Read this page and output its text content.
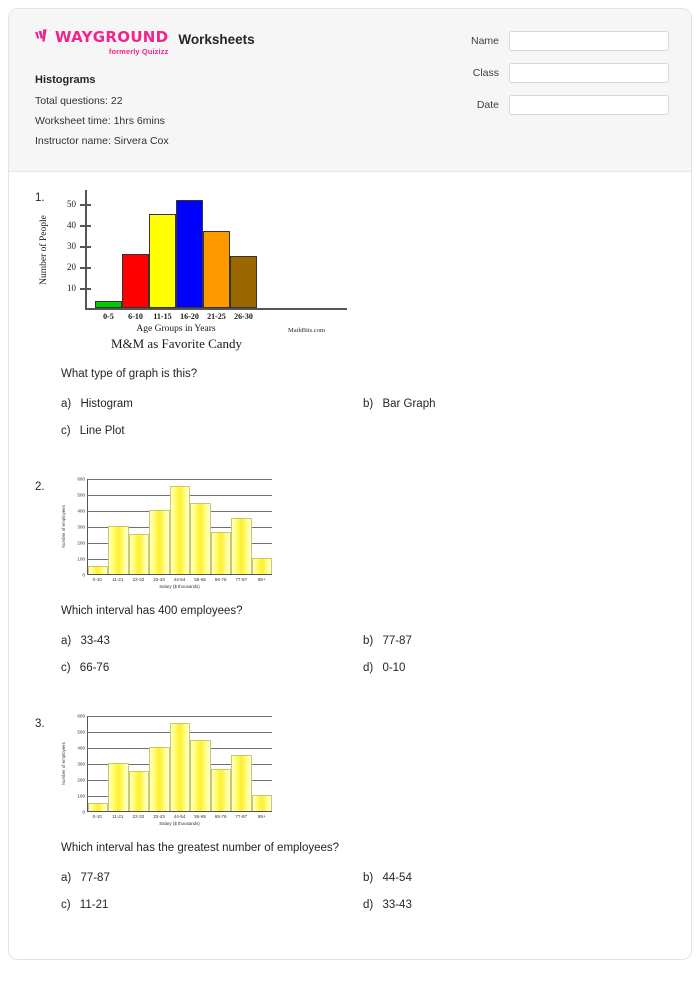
WAYGROUND
formerly Quizizz
Worksheets
Histograms
Total questions: 22
Worksheet time: 1hrs 6mins
Instructor name: Sirvera Cox
Name
Class
Date
1.
Number of People
10
20
30
40
50
0-5	6-10	11-15	16-20	21-25	26-30
Age Groups in Years	MathBits.com
M&M as Favorite Candy
What type of graph is this?
a) Histogram	b) Bar Graph
c) Line Plot
2.
Number of employees
0
100
200
300
400
500
600
0-10	11-21	22-32	33-43	44-54	55-65	66-76	77-87	88+
Salary ($ thousands)
Which interval has 400 employees?
a) 33-43	b) 77-87
c) 66-76	d) 0-10
3.
Number of employees
0
100
200
300
400
500
600
0-10	11-21	22-32	33-43	44-54	55-65	66-76	77-87	88+
Salary ($ thousands)
Which interval has the greatest number of employees?
a) 77-87	b) 44-54
c) 11-21	d) 33-43
